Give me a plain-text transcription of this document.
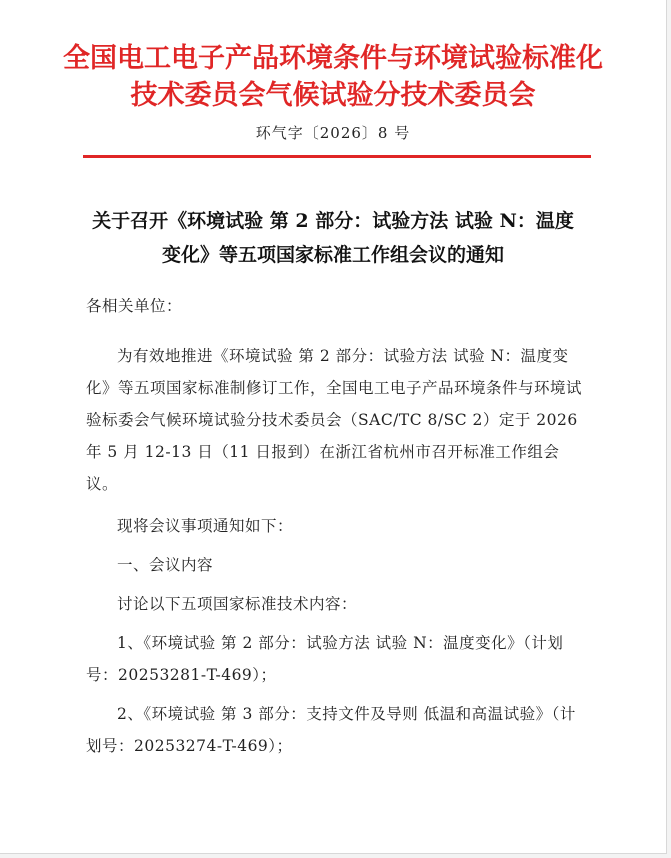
全国电工电子产品环境条件与环境试验标准化
技术委员会气候试验分技术委员会
环气字〔2026〕8 号
关于召开《环境试验 第 2 部分：试验方法 试验 N：温度
变化》等五项国家标准工作组会议的通知

各相关单位：

为有效地推进《环境试验 第 2 部分：试验方法 试验 N：温度变化》等五项国家标准制修订工作，全国电工电子产品环境条件与环境试验标委会气候环境试验分技术委员会（SAC/TC 8/SC 2）定于 2026 年 5 月 12-13 日（11 日报到）在浙江省杭州市召开标准工作组会议。

现将会议事项通知如下：

一、会议内容

讨论以下五项国家标准技术内容：

1、《环境试验 第 2 部分：试验方法 试验 N：温度变化》（计划号：20253281-T-469）；

2、《环境试验 第 3 部分：支持文件及导则 低温和高温试验》（计划号：20253274-T-469）；
